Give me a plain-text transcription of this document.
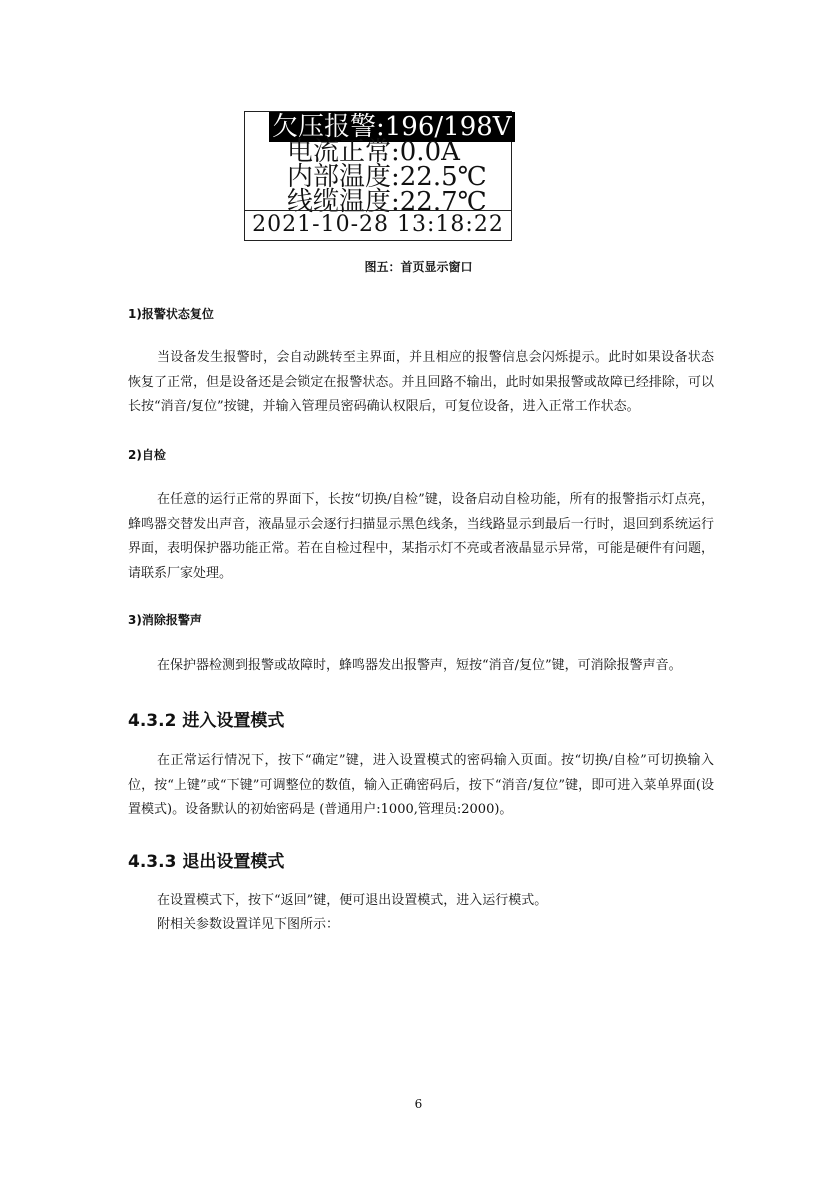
欠压报警:196/198V
电流正常:0.0A
内部温度:22.5℃
线缆温度:22.7℃
2021-10-28 13:18:22
图五：首页显示窗口
1)报警状态复位
当设备发生报警时，会自动跳转至主界面，并且相应的报警信息会闪烁提示。此时如果设备状态恢复了正常，但是设备还是会锁定在报警状态。并且回路不输出，此时如果报警或故障已经排除，可以长按“消音/复位”按键，并输入管理员密码确认权限后，可复位设备，进入正常工作状态。
2)自检
在任意的运行正常的界面下，长按“切换/自检”键，设备启动自检功能，所有的报警指示灯点亮，蜂鸣器交替发出声音，液晶显示会逐行扫描显示黑色线条，当线路显示到最后一行时，退回到系统运行界面，表明保护器功能正常。若在自检过程中，某指示灯不亮或者液晶显示异常，可能是硬件有问题，请联系厂家处理。
3)消除报警声
在保护器检测到报警或故障时，蜂鸣器发出报警声，短按“消音/复位”键，可消除报警声音。
4.3.2 进入设置模式
在正常运行情况下，按下“确定”键，进入设置模式的密码输入页面。按“切换/自检”可切换输入位，按“上键”或“下键”可调整位的数值，输入正确密码后，按下“消音/复位”键，即可进入菜单界面(设置模式)。设备默认的初始密码是 (普通用户:1000,管理员:2000)。
4.3.3 退出设置模式
在设置模式下，按下“返回”键，便可退出设置模式，进入运行模式。
附相关参数设置详见下图所示：
6
